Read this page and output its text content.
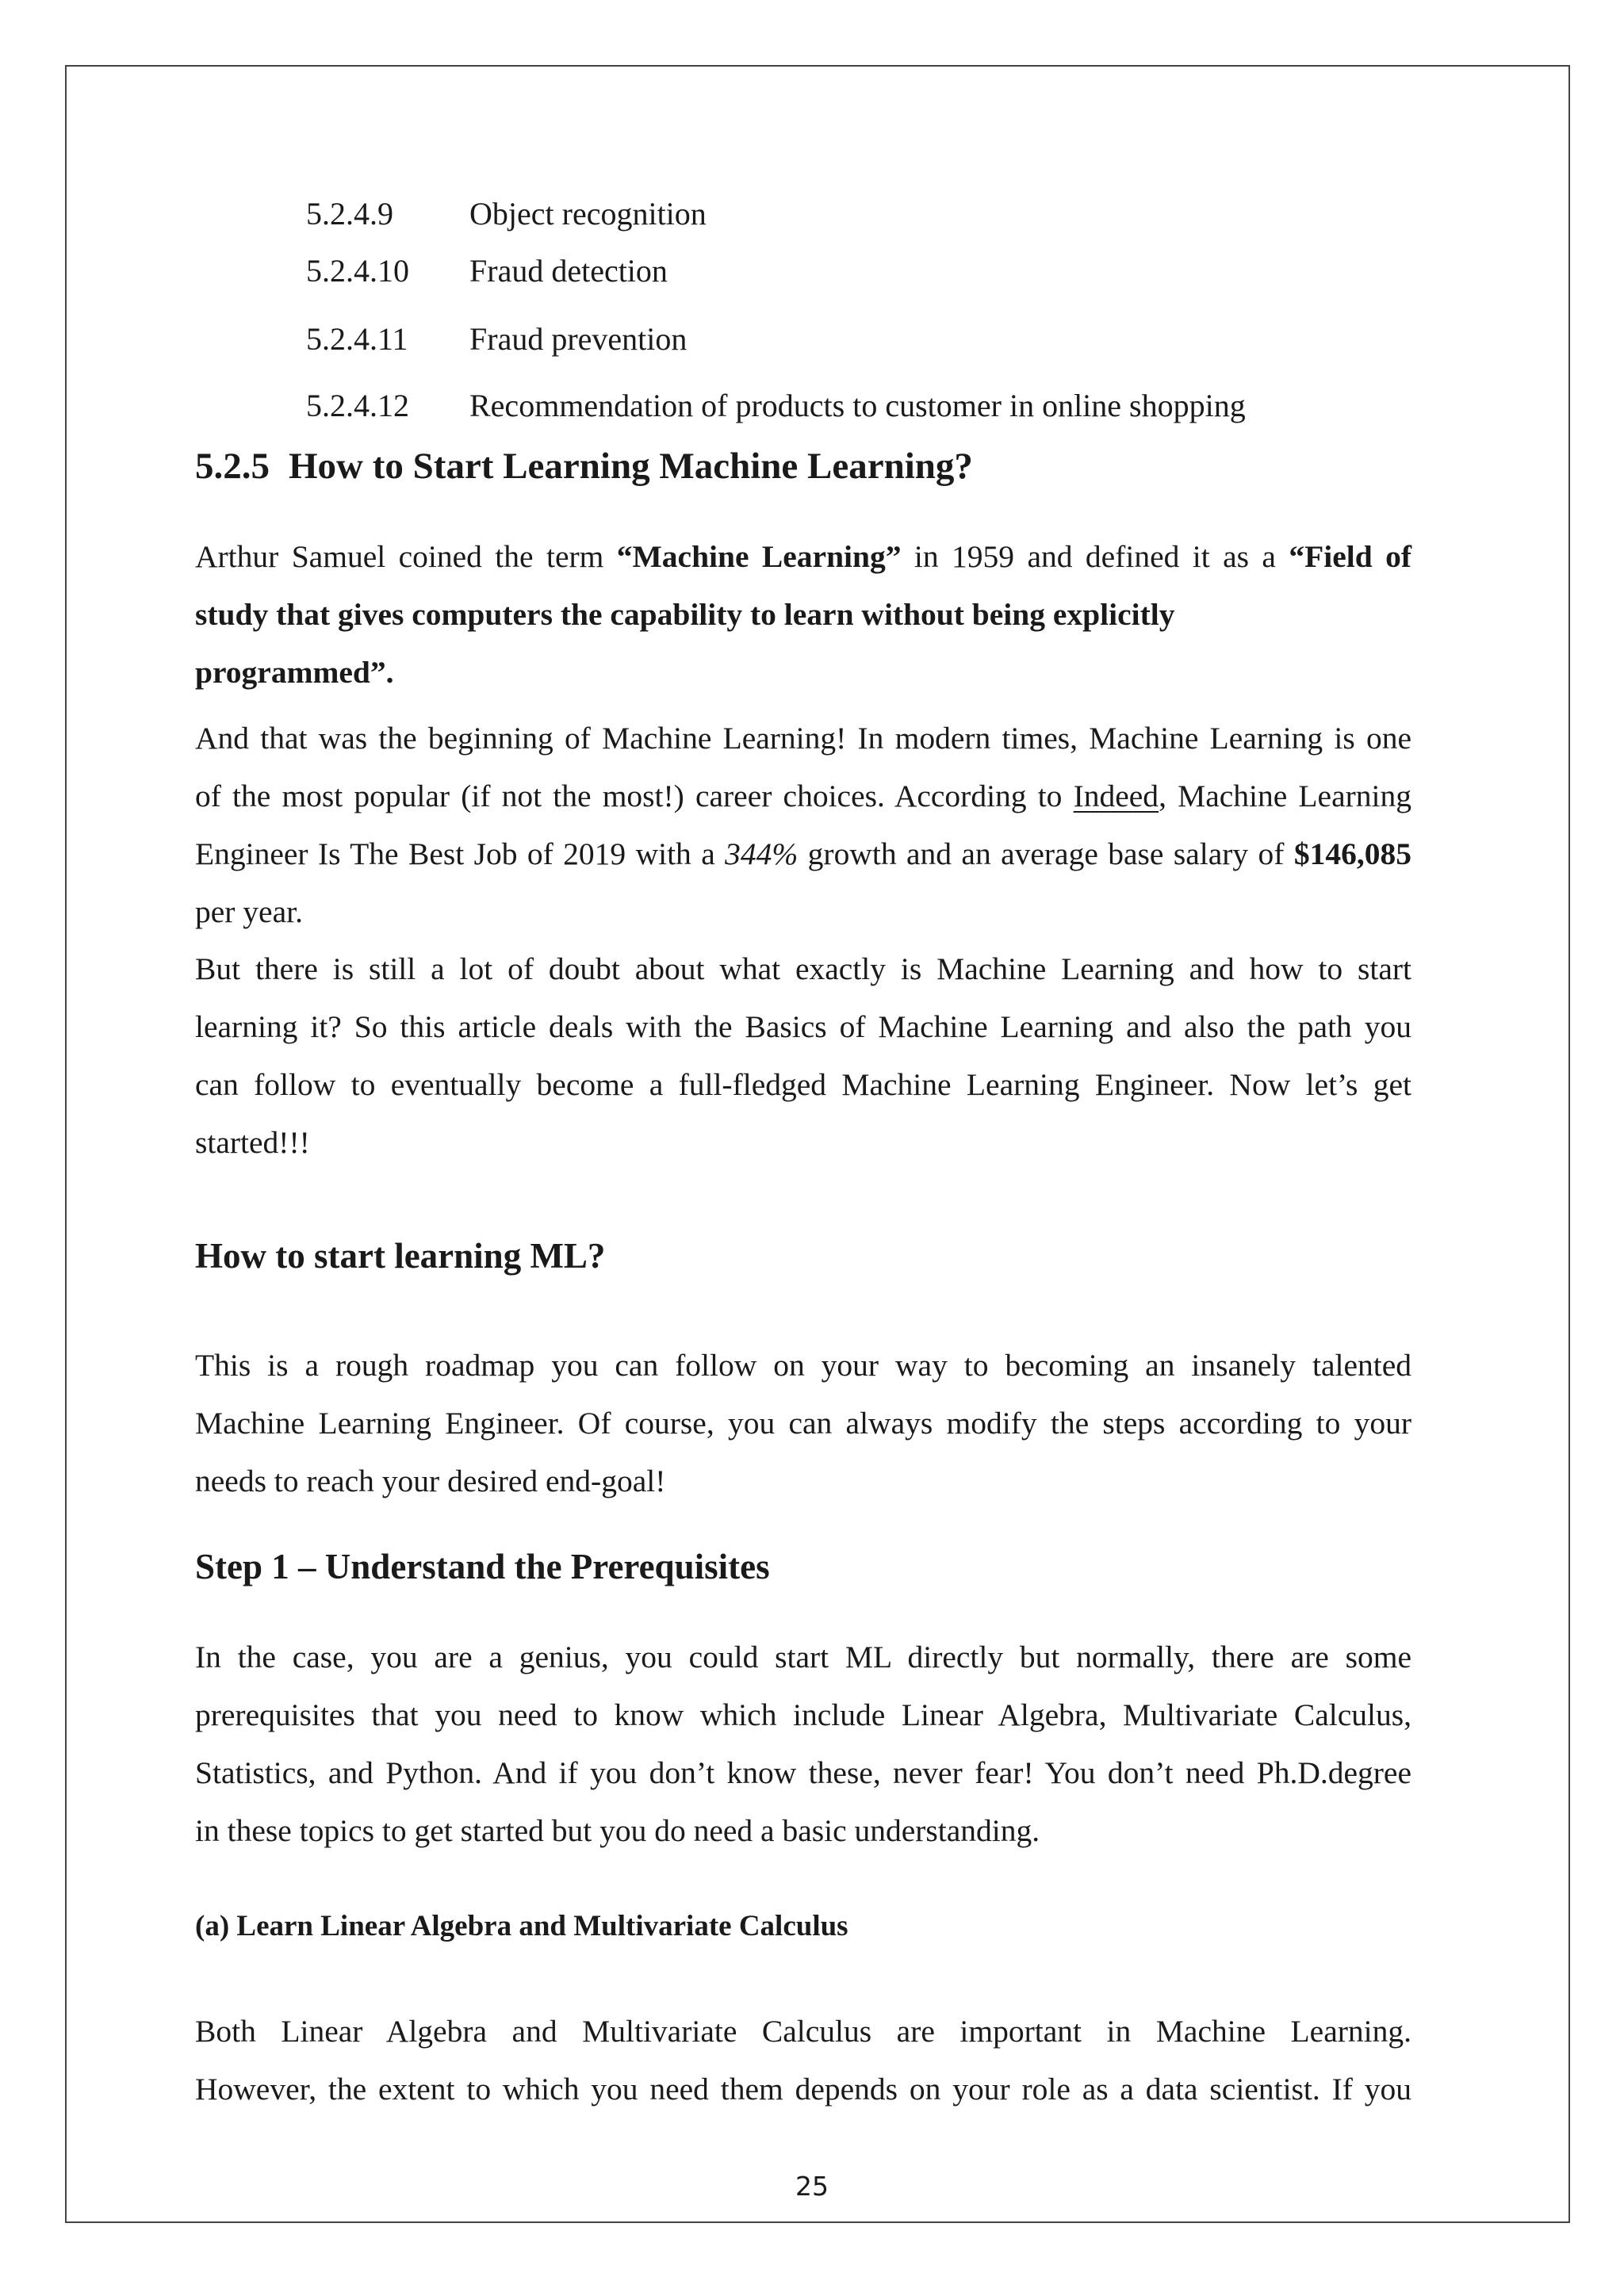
5.2.4.9 Object recognition
5.2.4.10 Fraud detection
5.2.4.11 Fraud prevention
5.2.4.12 Recommendation of products to customer in online shopping
5.2.5 How to Start Learning Machine Learning?
Arthur Samuel coined the term “Machine Learning” in 1959 and defined it as a “Field of
study that gives computers the capability to learn without being explicitly
programmed”.
And that was the beginning of Machine Learning! In modern times, Machine Learning is one
of the most popular (if not the most!) career choices. According to Indeed, Machine Learning
Engineer Is The Best Job of 2019 with a 344% growth and an average base salary of $146,085
per year.
But there is still a lot of doubt about what exactly is Machine Learning and how to start
learning it? So this article deals with the Basics of Machine Learning and also the path you
can follow to eventually become a full-fledged Machine Learning Engineer. Now let’s get
started!!!
How to start learning ML?
This is a rough roadmap you can follow on your way to becoming an insanely talented
Machine Learning Engineer. Of course, you can always modify the steps according to your
needs to reach your desired end-goal!
Step 1 – Understand the Prerequisites
In the case, you are a genius, you could start ML directly but normally, there are some
prerequisites that you need to know which include Linear Algebra, Multivariate Calculus,
Statistics, and Python. And if you don’t know these, never fear! You don’t need Ph.D.degree
in these topics to get started but you do need a basic understanding.
(a) Learn Linear Algebra and Multivariate Calculus
Both Linear Algebra and Multivariate Calculus are important in Machine Learning.
However, the extent to which you need them depends on your role as a data scientist. If you
25
